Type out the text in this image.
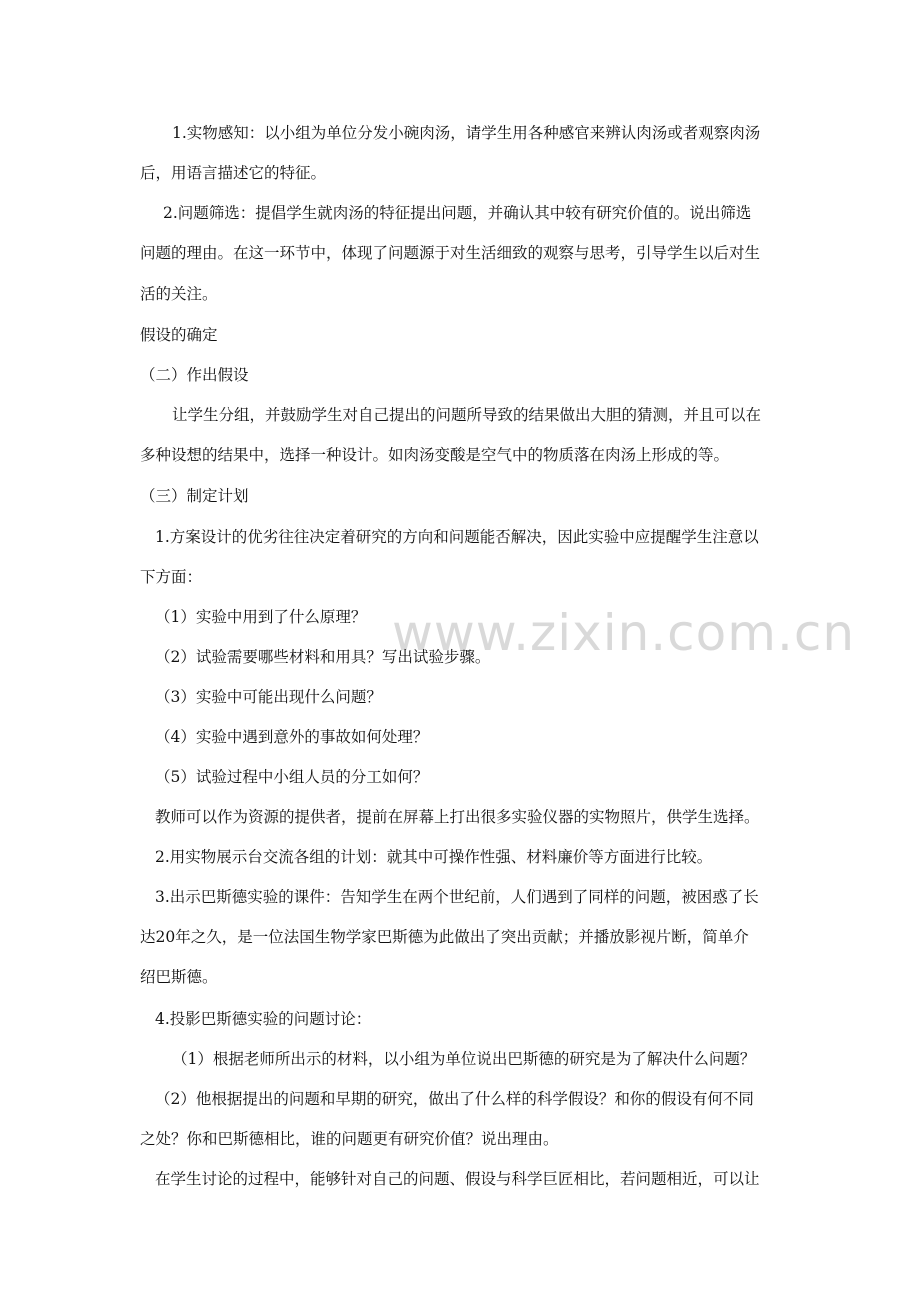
www.zixin.com.cn
1.实物感知：以小组为单位分发小碗肉汤，请学生用各种感官来辨认肉汤或者观察肉汤
后，用语言描述它的特征。
2.问题筛选：提倡学生就肉汤的特征提出问题，并确认其中较有研究价值的。说出筛选
问题的理由。在这一环节中，体现了问题源于对生活细致的观察与思考，引导学生以后对生
活的关注。
假设的确定
（二）作出假设
让学生分组，并鼓励学生对自己提出的问题所导致的结果做出大胆的猜测，并且可以在
多种设想的结果中，选择一种设计。如肉汤变酸是空气中的物质落在肉汤上形成的等。
（三）制定计划
1.方案设计的优劣往往决定着研究的方向和问题能否解决，因此实验中应提醒学生注意以
下方面：
（1）实验中用到了什么原理？
（2）试验需要哪些材料和用具？写出试验步骤。
（3）实验中可能出现什么问题？
（4）实验中遇到意外的事故如何处理？
（5）试验过程中小组人员的分工如何？
教师可以作为资源的提供者，提前在屏幕上打出很多实验仪器的实物照片，供学生选择。
2.用实物展示台交流各组的计划：就其中可操作性强、材料廉价等方面进行比较。
3.出示巴斯德实验的课件：告知学生在两个世纪前，人们遇到了同样的问题，被困惑了长
达20年之久，是一位法国生物学家巴斯德为此做出了突出贡献；并播放影视片断，简单介
绍巴斯德。
4.投影巴斯德实验的问题讨论：
（1）根据老师所出示的材料，以小组为单位说出巴斯德的研究是为了解决什么问题？
（2）他根据提出的问题和早期的研究，做出了什么样的科学假设？和你的假设有何不同
之处？你和巴斯德相比，谁的问题更有研究价值？说出理由。
在学生讨论的过程中，能够针对自己的问题、假设与科学巨匠相比，若问题相近，可以让
